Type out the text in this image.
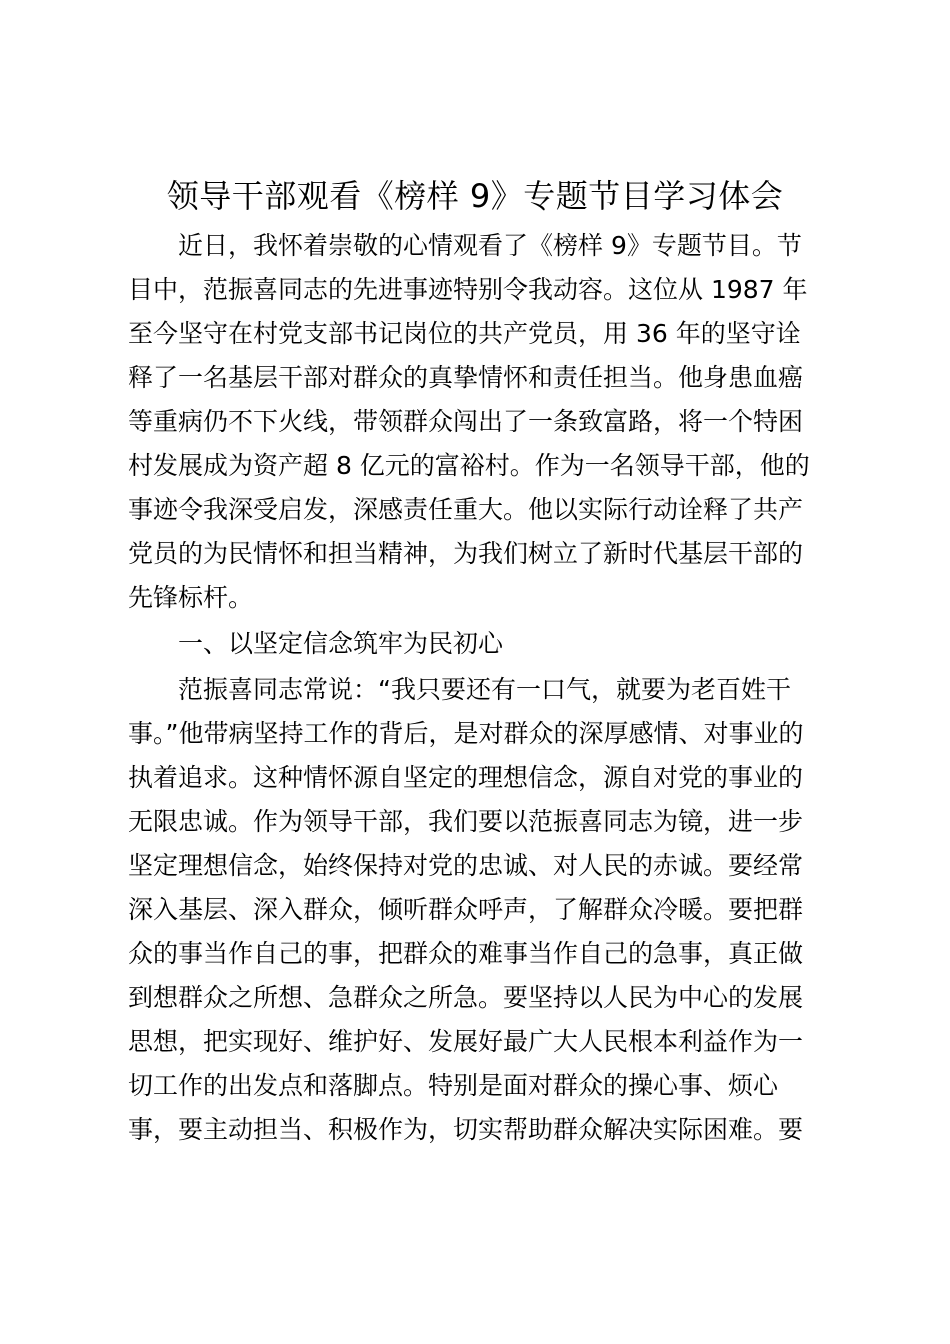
领导干部观看《榜样 9》专题节目学习体会

近日，我怀着崇敬的心情观看了《榜样 9》专题节目。节

目中，范振喜同志的先进事迹特别令我动容。这位从 1987 年

至今坚守在村党支部书记岗位的共产党员，用 36 年的坚守诠

释了一名基层干部对群众的真挚情怀和责任担当。他身患血癌

等重病仍不下火线，带领群众闯出了一条致富路，将一个特困

村发展成为资产超 8 亿元的富裕村。作为一名领导干部，他的

事迹令我深受启发，深感责任重大。他以实际行动诠释了共产

党员的为民情怀和担当精神，为我们树立了新时代基层干部的

先锋标杆。

一、以坚定信念筑牢为民初心

范振喜同志常说：“我只要还有一口气，就要为老百姓干

事。”他带病坚持工作的背后，是对群众的深厚感情、对事业的

执着追求。这种情怀源自坚定的理想信念，源自对党的事业的

无限忠诚。作为领导干部，我们要以范振喜同志为镜，进一步

坚定理想信念，始终保持对党的忠诚、对人民的赤诚。要经常

深入基层、深入群众，倾听群众呼声，了解群众冷暖。要把群

众的事当作自己的事，把群众的难事当作自己的急事，真正做

到想群众之所想、急群众之所急。要坚持以人民为中心的发展

思想，把实现好、维护好、发展好最广大人民根本利益作为一

切工作的出发点和落脚点。特别是面对群众的操心事、烦心

事，要主动担当、积极作为，切实帮助群众解决实际困难。要
